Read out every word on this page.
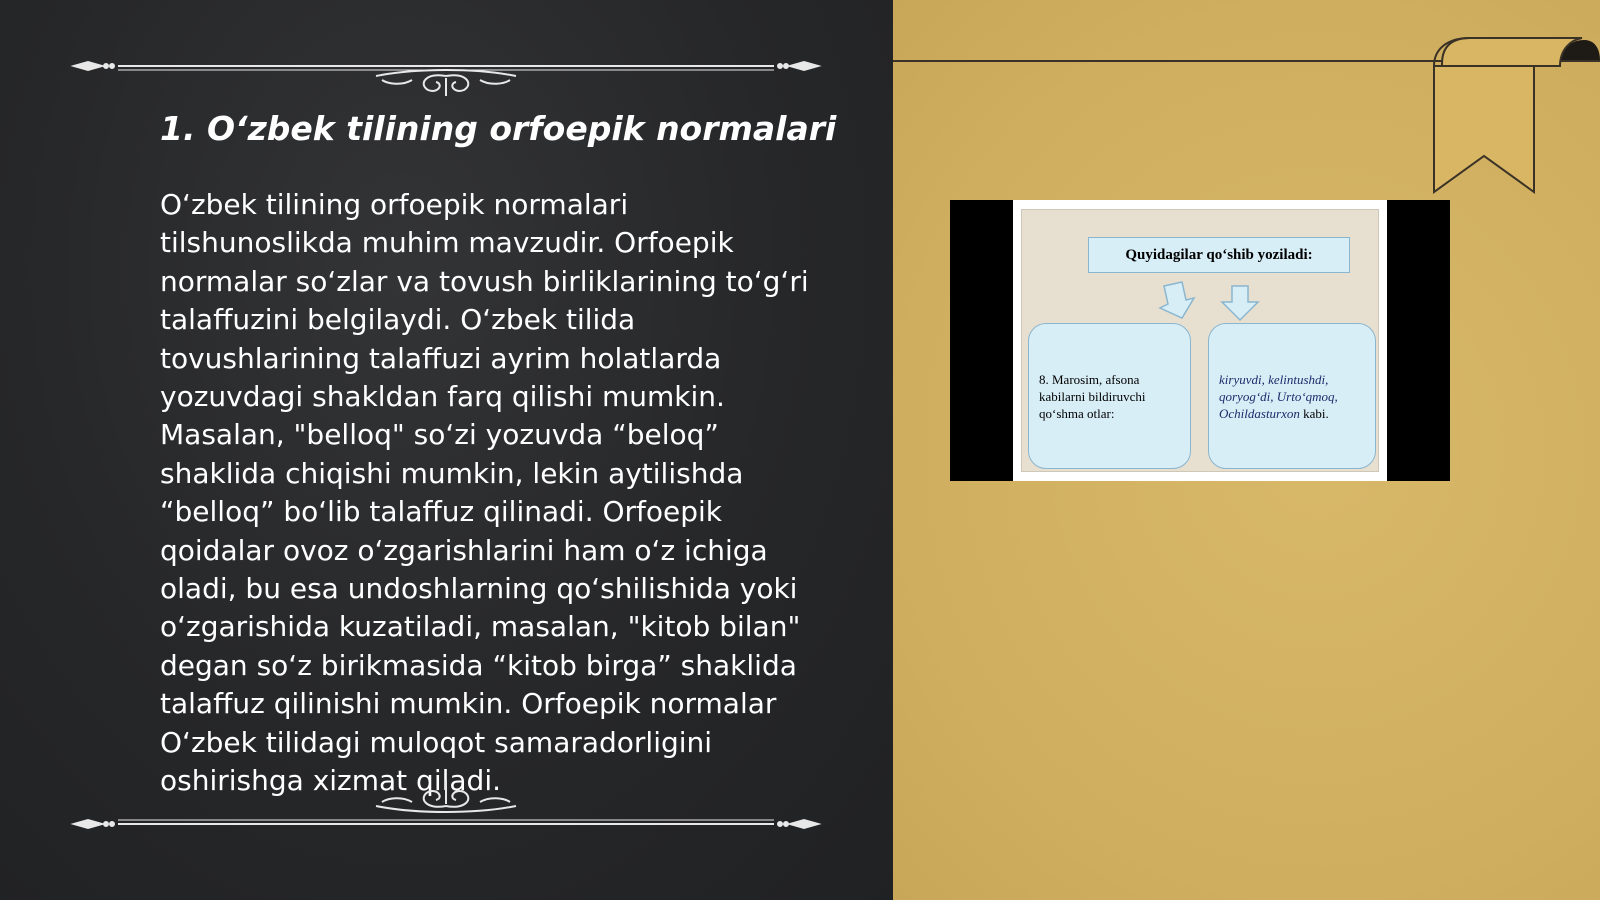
1. O‘zbek tilining orfoepik normalari

O‘zbek tilining orfoepik normalari tilshunoslikda muhim mavzudir. Orfoepik normalar so‘zlar va tovush birliklarining to‘g‘ri talaffuzini belgilaydi. O‘zbek tilida tovushlarining talaffuzi ayrim holatlarda yozuvdagi shakldan farq qilishi mumkin. Masalan, "belloq" so‘zi yozuvda “beloq” shaklida chiqishi mumkin, lekin aytilishda “belloq” bo‘lib talaffuz qilinadi. Orfoepik qoidalar ovoz o‘zgarishlarini ham o‘z ichiga oladi, bu esa undoshlarning qo‘shilishida yoki o‘zgarishida kuzatiladi, masalan, "kitob bilan" degan so‘z birikmasida “kitob birga” shaklida talaffuz qilinishi mumkin. Orfoepik normalar O‘zbek tilidagi muloqot samaradorligini oshirishga xizmat qiladi.

Quyidagilar qo‘shib yoziladi:
8. Marosim, afsona kabilarni bildiruvchi qo‘shma otlar:
kiryuvdi, kelintushdi, qoryog‘di, Urto‘qmoq, Ochildasturxon kabi.
